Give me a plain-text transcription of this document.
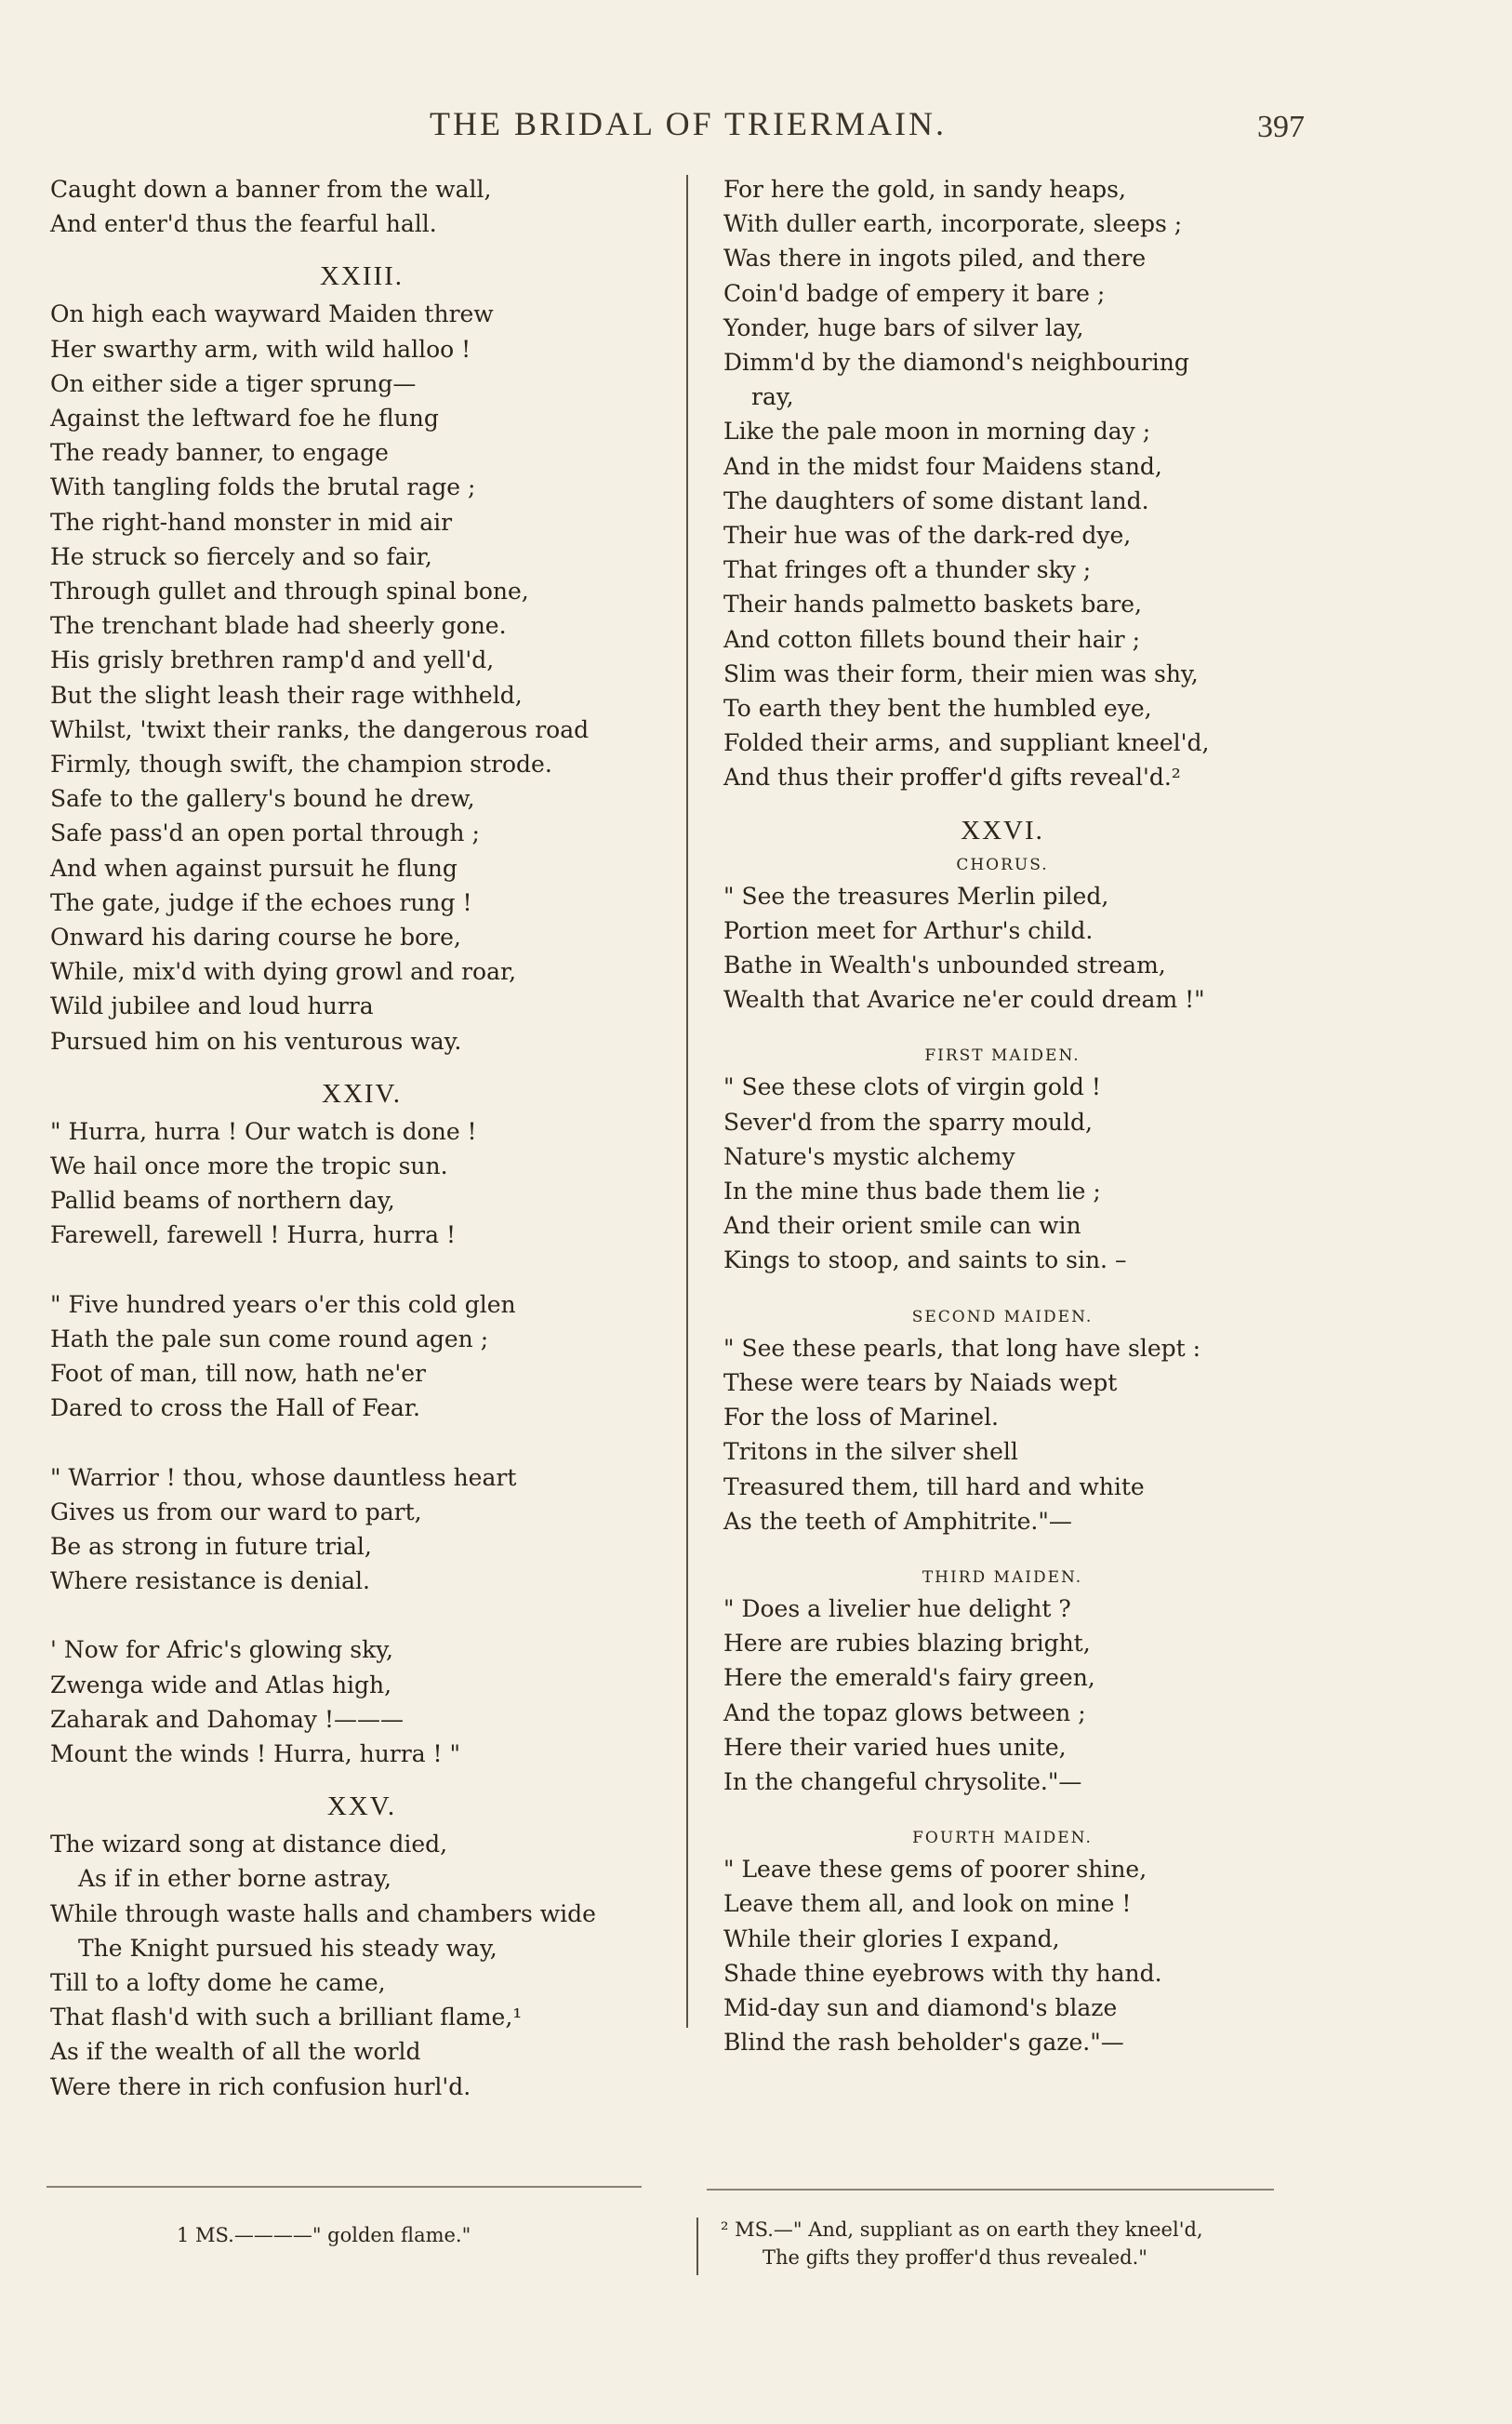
THE BRIDAL OF TRIERMAIN.	397
Caught down a banner from the wall,
And enter'd thus the fearful hall.
XXIII.
On high each wayward Maiden threw
Her swarthy arm, with wild halloo !
On either side a tiger sprung—
Against the leftward foe he flung
The ready banner, to engage
With tangling folds the brutal rage ;
The right-hand monster in mid air
He struck so fiercely and so fair,
Through gullet and through spinal bone,
The trenchant blade had sheerly gone.
His grisly brethren ramp'd and yell'd,
But the slight leash their rage withheld,
Whilst, 'twixt their ranks, the dangerous road
Firmly, though swift, the champion strode.
Safe to the gallery's bound he drew,
Safe pass'd an open portal through ;
And when against pursuit he flung
The gate, judge if the echoes rung !
Onward his daring course he bore,
While, mix'd with dying growl and roar,
Wild jubilee and loud hurra
Pursued him on his venturous way.
XXIV.
" Hurra, hurra ! Our watch is done !
We hail once more the tropic sun.
Pallid beams of northern day,
Farewell, farewell ! Hurra, hurra !
" Five hundred years o'er this cold glen
Hath the pale sun come round agen ;
Foot of man, till now, hath ne'er
Dared to cross the Hall of Fear.
" Warrior ! thou, whose dauntless heart
Gives us from our ward to part,
Be as strong in future trial,
Where resistance is denial.
' Now for Afric's glowing sky,
Zwenga wide and Atlas high,
Zaharak and Dahomay !———
Mount the winds ! Hurra, hurra ! "
XXV.
The wizard song at distance died,
As if in ether borne astray,
While through waste halls and chambers wide
The Knight pursued his steady way,
Till to a lofty dome he came,
That flash'd with such a brilliant flame,¹
As if the wealth of all the world
Were there in rich confusion hurl'd.
For here the gold, in sandy heaps,
With duller earth, incorporate, sleeps ;
Was there in ingots piled, and there
Coin'd badge of empery it bare ;
Yonder, huge bars of silver lay,
Dimm'd by the diamond's neighbouring
ray,
Like the pale moon in morning day ;
And in the midst four Maidens stand,
The daughters of some distant land.
Their hue was of the dark-red dye,
That fringes oft a thunder sky ;
Their hands palmetto baskets bare,
And cotton fillets bound their hair ;
Slim was their form, their mien was shy,
To earth they bent the humbled eye,
Folded their arms, and suppliant kneel'd,
And thus their proffer'd gifts reveal'd.²
XXVI.
CHORUS.
" See the treasures Merlin piled,
Portion meet for Arthur's child.
Bathe in Wealth's unbounded stream,
Wealth that Avarice ne'er could dream !"
FIRST MAIDEN.
" See these clots of virgin gold !
Sever'd from the sparry mould,
Nature's mystic alchemy
In the mine thus bade them lie ;
And their orient smile can win
Kings to stoop, and saints to sin. –
SECOND MAIDEN.
" See these pearls, that long have slept :
These were tears by Naiads wept
For the loss of Marinel.
Tritons in the silver shell
Treasured them, till hard and white
As the teeth of Amphitrite."—
THIRD MAIDEN.
" Does a livelier hue delight ?
Here are rubies blazing bright,
Here the emerald's fairy green,
And the topaz glows between ;
Here their varied hues unite,
In the changeful chrysolite."—
FOURTH MAIDEN.
" Leave these gems of poorer shine,
Leave them all, and look on mine !
While their glories I expand,
Shade thine eyebrows with thy hand.
Mid-day sun and diamond's blaze
Blind the rash beholder's gaze."—
1 MS.————" golden flame."	² MS.—" And, suppliant as on earth they kneel'd,
The gifts they proffer'd thus revealed."
